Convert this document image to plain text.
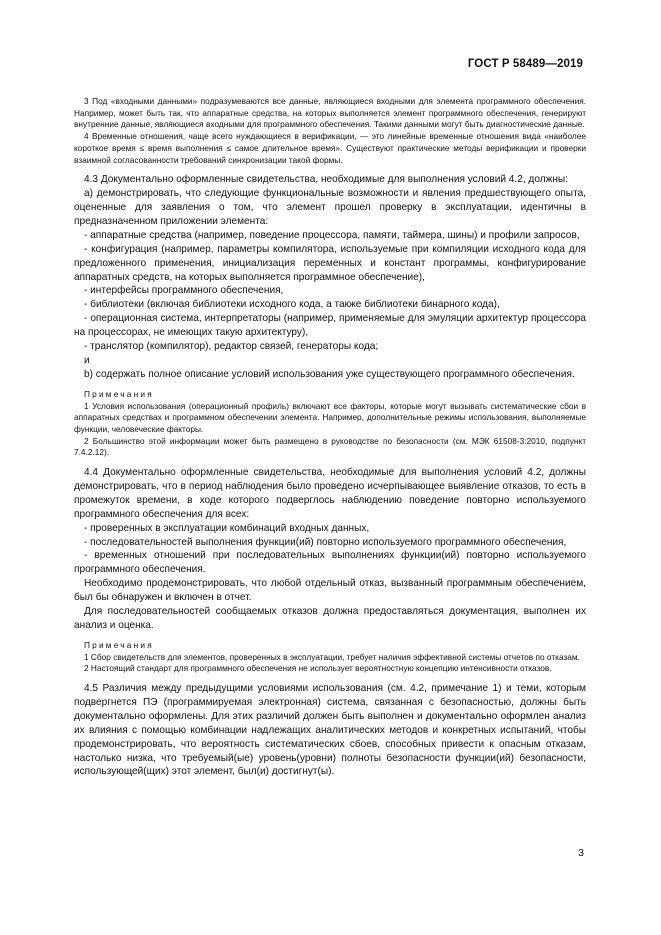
ГОСТ Р 58489—2019

3 Под «входными данными» подразумеваются все данные, являющиеся входными для элемента программного обеспечения. Например, может быть так, что аппаратные средства, на которых выполняется элемент программного обеспечения, генерируют внутренние данные, являющиеся входными для программного обеспечения. Такими данными могут быть диагностические данные.

4 Временные отношения, чаще всего нуждающиеся в верификации, — это линейные временные отношения вида «наиболее короткое время ≤ время выполнения ≤ самое длительное время». Существуют практические методы верификации и проверки взаимной согласованности требований синхронизации такой формы.

4.3 Документально оформленные свидетельства, необходимые для выполнения условий 4.2, должны:

а) демонстрировать, что следующие функциональные возможности и явления предшествующего опыта, оцененные для заявления о том, что элемент прошел проверку в эксплуатации, идентичны в предназначенном приложении элемента:

- аппаратные средства (например, поведение процессора, памяти, таймера, шины) и профили запросов,

- конфигурация (например, параметры компилятора, используемые при компиляции исходного кода для предложенного применения, инициализация переменных и констант программы, конфигурирование аппаратных средств, на которых выполняется программное обеспечение),

- интерфейсы программного обеспечения,

- библиотеки (включая библиотеки исходного кода, а также библиотеки бинарного кода),

- операционная система, интерпретаторы (например, применяемые для эмуляции архитектур процессора на процессорах, не имеющих такую архитектуру),

- транслятор (компилятор), редактор связей, генераторы кода;

и

b) содержать полное описание условий использования уже существующего программного обеспечения.

Примечания

1 Условия использования (операционный профиль) включают все факторы, которые могут вызывать систематические сбои в аппаратных средствах и программном обеспечении элемента. Например, дополнительные режимы использования, выполняемые функции, человеческие факторы.

2 Большинство этой информации может быть размещено в руководстве по безопасности (см. МЭК 61508-3:2010, подпункт 7.4.2.12).

4.4 Документально оформленные свидетельства, необходимые для выполнения условий 4.2, должны демонстрировать, что в период наблюдения было проведено исчерпывающее выявление отказов, то есть в промежуток времени, в ходе которого подверглось наблюдению поведение повторно используемого программного обеспечения для всех:

- проверенных в эксплуатации комбинаций входных данных,

- последовательностей выполнения функции(ий) повторно используемого программного обеспечения,

- временных отношений при последовательных выполнениях функции(ий) повторно используемого программного обеспечения.

Необходимо продемонстрировать, что любой отдельный отказ, вызванный программным обеспечением, был бы обнаружен и включен в отчет.

Для последовательностей сообщаемых отказов должна предоставляться документация, выполнен их анализ и оценка.

Примечания

1 Сбор свидетельств для элементов, проверенных в эксплуатации, требует наличия эффективной системы отчетов по отказам.

2 Настоящий стандарт для программного обеспечения не использует вероятностную концепцию интенсивности отказов.

4.5 Различия между предыдущими условиями использования (см. 4.2, примечание 1) и теми, которым подвергнется ПЭ (программируемая электронная) система, связанная с безопасностью, должны быть документально оформлены. Для этих различий должен быть выполнен и документально оформлен анализ их влияния с помощью комбинации надлежащих аналитических методов и конкретных испытаний, чтобы продемонстрировать, что вероятность систематических сбоев, способных привести к опасным отказам, настолько низка, что требуемый(ые) уровень(уровни) полноты безопасности функции(ий) безопасности, использующей(щих) этот элемент, был(и) достигнут(ы).

3
